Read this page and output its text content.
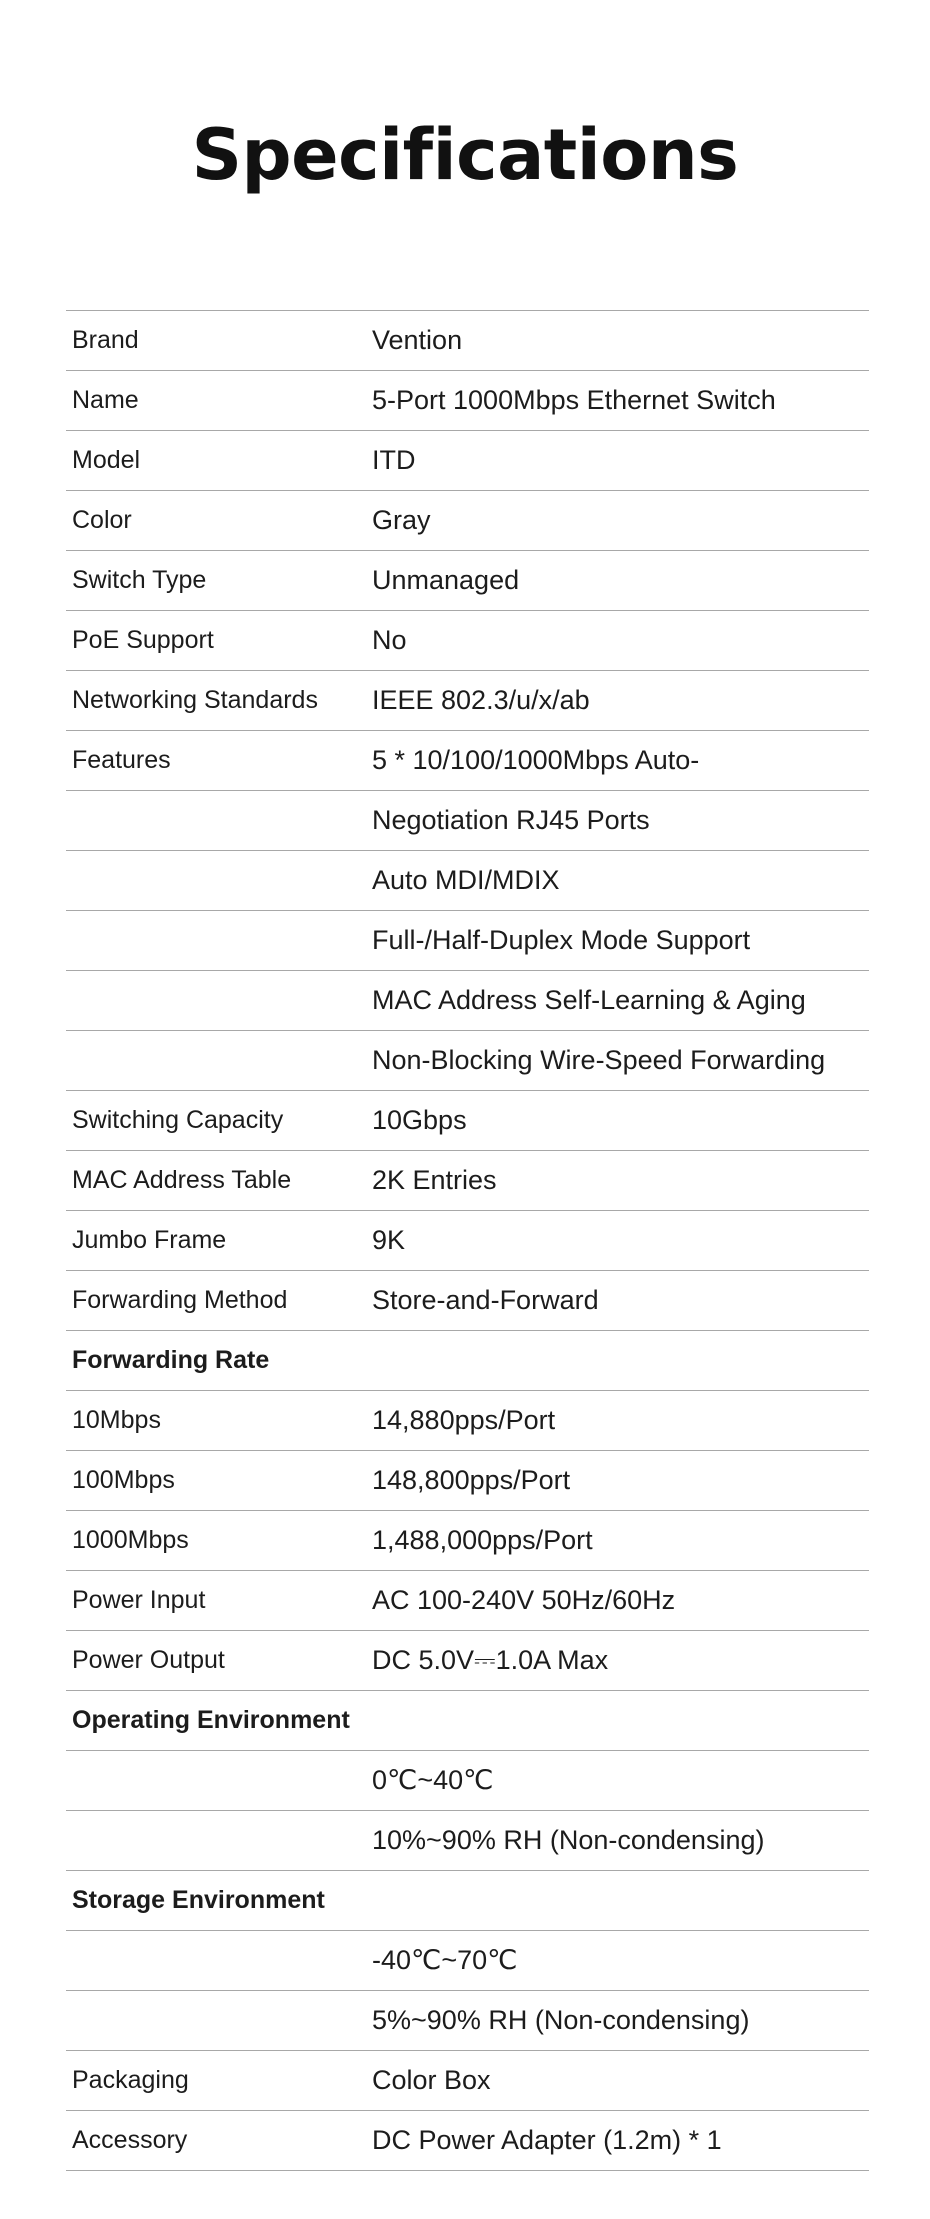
Specifications
Brand	Vention
Name	5-Port 1000Mbps Ethernet Switch
Model	ITD
Color	Gray
Switch Type	Unmanaged
PoE Support	No
Networking Standards	IEEE 802.3/u/x/ab
Features	5 * 10/100/1000Mbps Auto-
Negotiation RJ45 Ports
Auto MDI/MDIX
Full-/Half-Duplex Mode Support
MAC Address Self-Learning & Aging
Non-Blocking Wire-Speed Forwarding
Switching Capacity	10Gbps
MAC Address Table	2K Entries
Jumbo Frame	9K
Forwarding Method	Store-and-Forward
Forwarding Rate
10Mbps	14,880pps/Port
100Mbps	148,800pps/Port
1000Mbps	1,488,000pps/Port
Power Input	AC 100-240V 50Hz/60Hz
Power Output	DC 5.0V⎓1.0A Max
Operating Environment
0℃~40℃
10%~90% RH (Non-condensing)
Storage Environment
-40℃~70℃
5%~90% RH (Non-condensing)
Packaging	Color Box
Accessory	DC Power Adapter (1.2m) * 1
